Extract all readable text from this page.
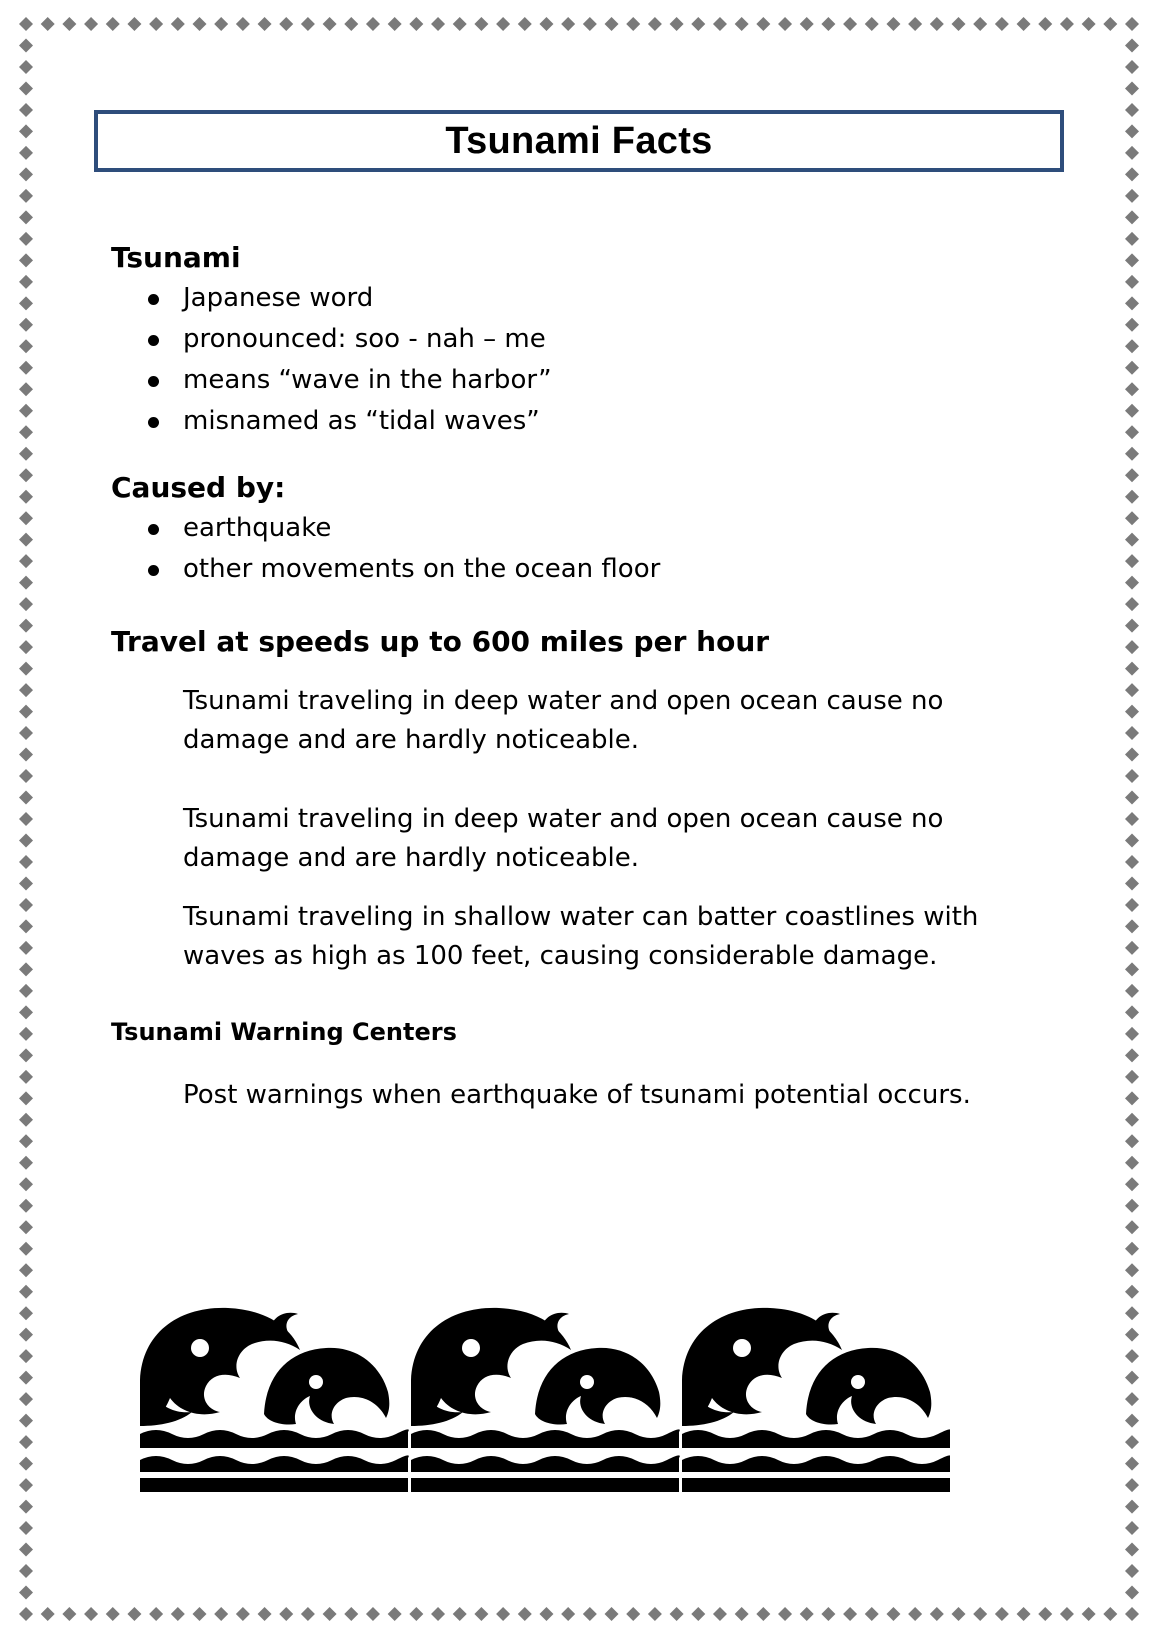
Tsunami Facts
Tsunami
Japanese word
pronounced: soo - nah – me
means “wave in the harbor”
misnamed as “tidal waves”
Caused by:
earthquake
other movements on the ocean floor
Travel at speeds up to 600 miles per hour

Tsunami traveling in deep water and open ocean cause no damage and are hardly noticeable.

Tsunami traveling in deep water and open ocean cause no damage and are hardly noticeable.

Tsunami traveling in shallow water can batter coastlines with waves as high as 100 feet, causing considerable damage.

Tsunami Warning Centers

Post warnings when earthquake of tsunami potential occurs.
